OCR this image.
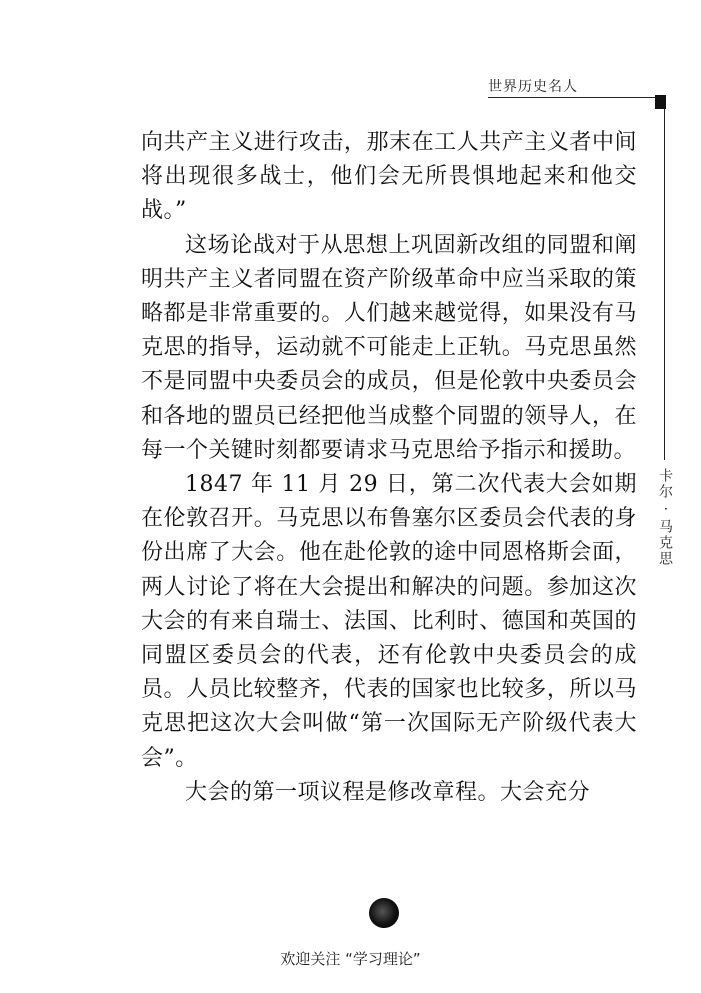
世界历史名人
卡尔 · 马克思

向共产主义进行攻击，那末在工人共产主义者中间将出现很多战士，他们会无所畏惧地起来和他交战。”

这场论战对于从思想上巩固新改组的同盟和阐明共产主义者同盟在资产阶级革命中应当采取的策略都是非常重要的。人们越来越觉得，如果没有马克思的指导，运动就不可能走上正轨。马克思虽然不是同盟中央委员会的成员，但是伦敦中央委员会和各地的盟员已经把他当成整个同盟的领导人，在每一个关键时刻都要请求马克思给予指示和援助。

1847 年 11 月 29 日，第二次代表大会如期在伦敦召开。马克思以布鲁塞尔区委员会代表的身份出席了大会。他在赴伦敦的途中同恩格斯会面，两人讨论了将在大会提出和解决的问题。参加这次大会的有来自瑞士、法国、比利时、德国和英国的同盟区委员会的代表，还有伦敦中央委员会的成员。人员比较整齐，代表的国家也比较多，所以马克思把这次大会叫做“第一次国际无产阶级代表大会”。

大会的第一项议程是修改章程。大会充分

欢迎关注 “学习理论”
